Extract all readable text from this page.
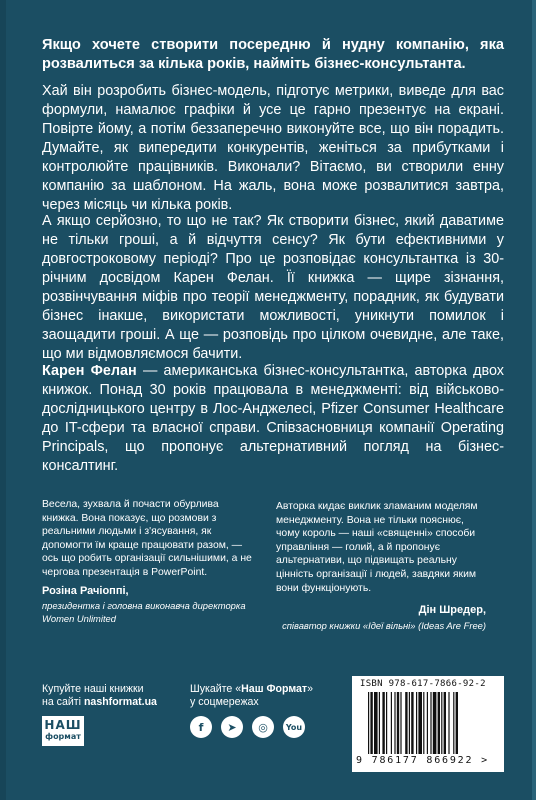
Якщо хочете створити посередню й нудну компанію, яка розвалиться за кілька років, найміть бізнес-консультанта.
Хай він розробить бізнес-модель, підготує метрики, виведе для вас формули, намалює графіки й усе це гарно презентує на екрані. Повірте йому, а потім беззаперечно виконуйте все, що він порадить. Думайте, як випередити конкурентів, женіться за прибутками і контролюйте працівників. Виконали? Вітаємо, ви створили енну компанію за шаблоном. На жаль, вона може розвалитися завтра, через місяць чи кілька років.
А якщо серйозно, то що не так? Як створити бізнес, який даватиме не тільки гроші, а й відчуття сенсу? Як бути ефективними у довгостроковому періоді? Про це розповідає консультантка із 30-річним досвідом Карен Фелан. Її книжка — щире зізнання, розвінчування міфів про теорії менеджменту, порадник, як будувати бізнес інакше, використати можливості, уникнути помилок і заощадити гроші. А ще — розповідь про цілком очевидне, але таке, що ми відмовляємося бачити.
Карен Фелан — американська бізнес-консультантка, авторка двох книжок. Понад 30 років працювала в менеджменті: від військово-дослідницького центру в Лос-Анджелесі, Pfizer Consumer Healthcare до IT-сфери та власної справи. Співзасновниця компанії Operating Principals, що пропонує альтернативний погляд на бізнес-консалтинг.
Весела, зухвала й почасти обурлива книжка. Вона показує, що розмови з реальними людьми і з'ясування, як допомогти їм краще працювати разом, — ось що робить організації сильнішими, а не чергова презентація в PowerPoint.
Розіна Рачіоппі,
президентка і головна виконавча директорка Women Unlimited
Авторка кидає виклик зламаним моделям менеджменту. Вона не тільки пояснює, чому король — наші «священні» способи управління — голий, а й пропонує альтернативи, що підвищать реальну цінність організації і людей, завдяки яким вони функціонують.
Дін Шредер,
співавтор книжки «Ідеї вільні» (Ideas Are Free)
Купуйте наші книжки
на сайті nashformat.ua
НАШ
формат
Шукайте «Наш Формат»
у соцмережах
f	➤	◎	You
ISBN 978-617-7866-92-2
9 786177 866922 >
